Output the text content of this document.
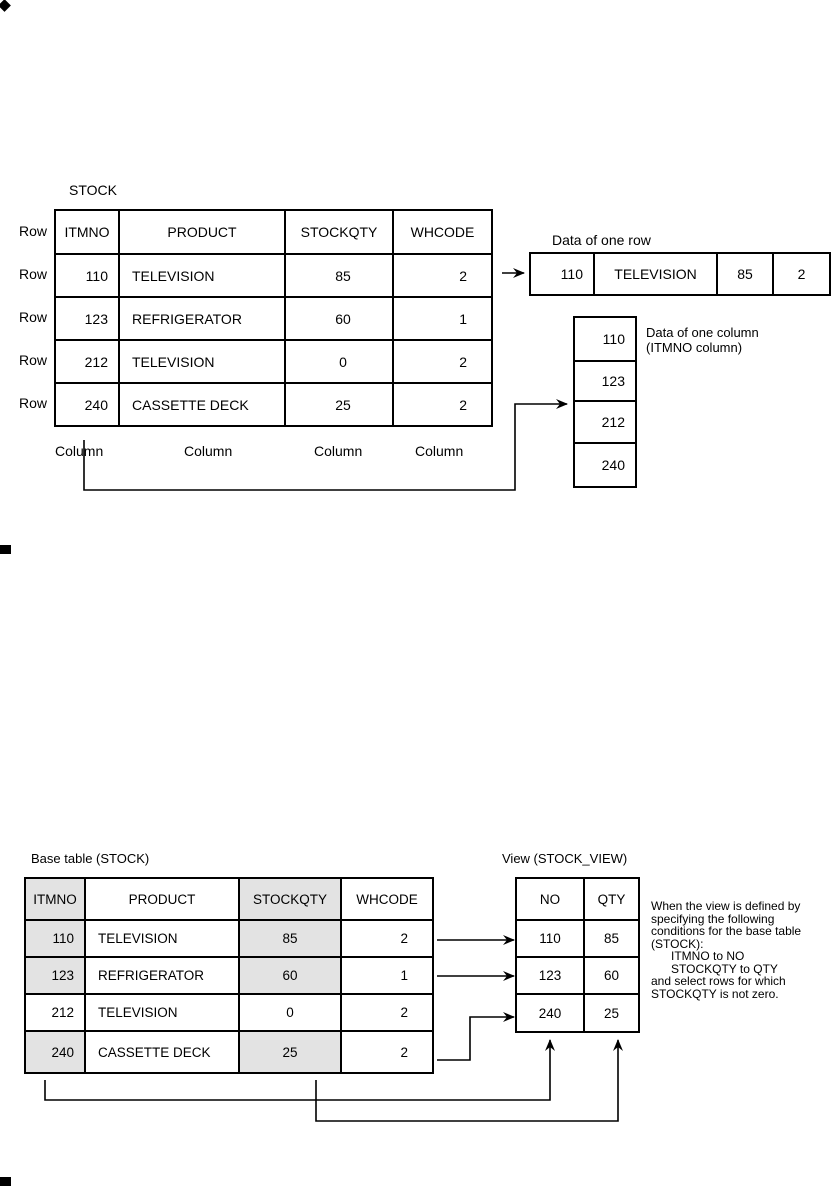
STOCK
Row
Row
Row
Row
Row
ITMNO	PRODUCT	STOCKQTY	WHCODE
110	TELEVISION	85	2
123	REFRIGERATOR	60	1
212	TELEVISION	0	2
240	CASSETTE DECK	25	2
Column	Column	Column	Column
Data of one row
110	TELEVISION	85	2
Data of one column
(ITMNO column)
110
123
212
240
Base table (STOCK)	View (STOCK_VIEW)
ITMNO	PRODUCT	STOCKQTY	WHCODE
110	TELEVISION	85	2
123	REFRIGERATOR	60	1
212	TELEVISION	0	2
240	CASSETTE DECK	25	2
NO	QTY
110	85
123	60
240	25
When the view is defined by
specifying the following
conditions for the base table
(STOCK):
ITMNO to NO
STOCKQTY to QTY
and select rows for which
STOCKQTY is not zero.
